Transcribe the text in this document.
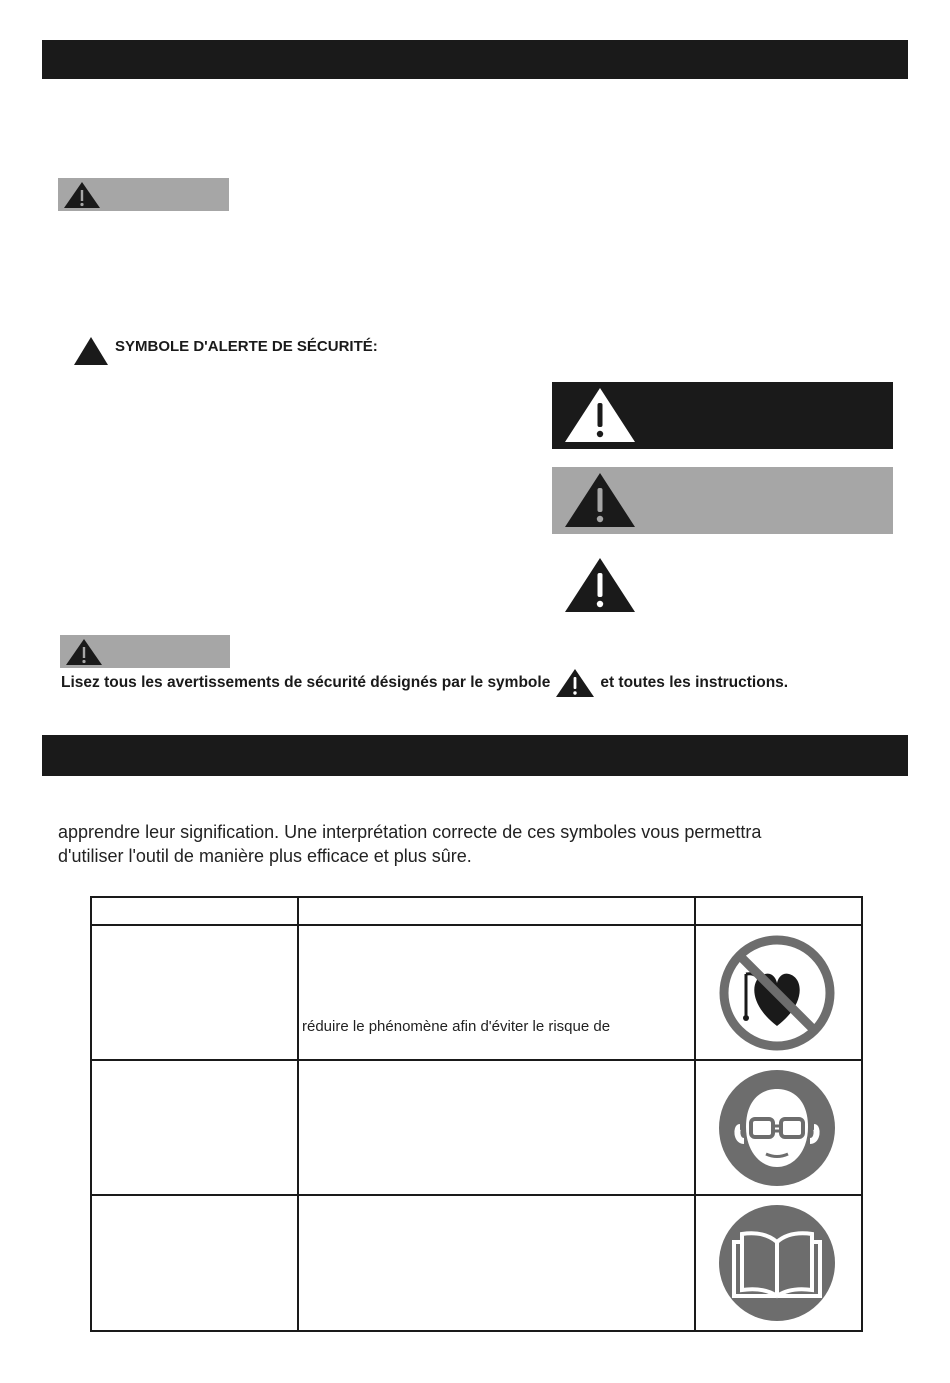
SYMBOLE D'ALERTE DE SÉCURITÉ:
Lisez tous les avertissements de sécurité désignés par le symbole	et toutes les instructions.
apprendre leur signification. Une interprétation correcte de ces symboles vous permettra
d'utiliser l'outil de manière plus efficace et plus sûre.

	réduire le phénomène afin d'éviter le risque de
